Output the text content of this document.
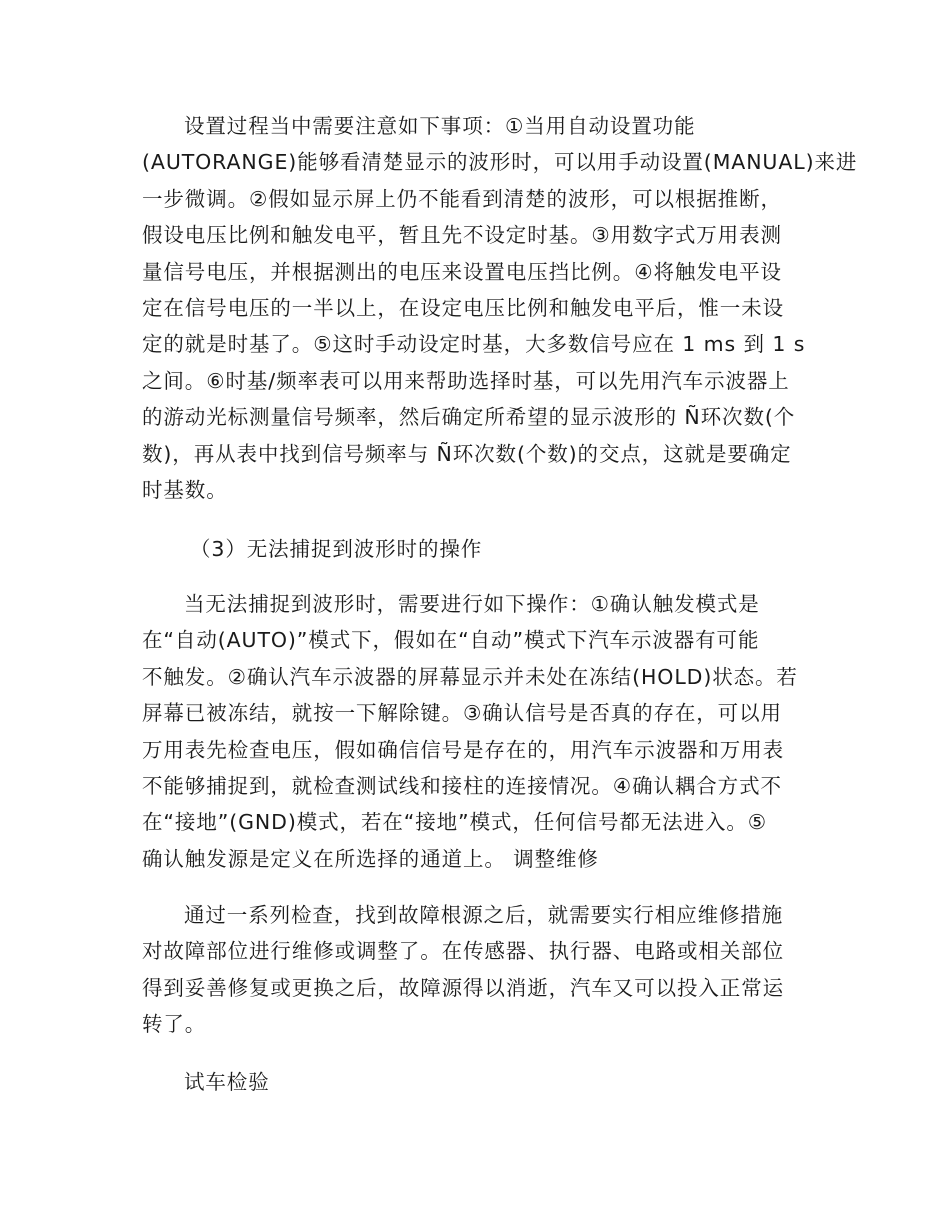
设置过程当中需要注意如下事项：①当用自动设置功能
(AUTORANGE)能够看清楚显示的波形时，可以用手动设置(MANUAL)来进
一步微调。②假如显示屏上仍不能看到清楚的波形，可以根据推断，
假设电压比例和触发电平，暂且先不设定时基。③用数字式万用表测
量信号电压，并根据测出的电压来设置电压挡比例。④将触发电平设
定在信号电压的一半以上，在设定电压比例和触发电平后，惟一未设
定的就是时基了。⑤这时手动设定时基，大多数信号应在 1 ms 到 1 s
之间。⑥时基/频率表可以用来帮助选择时基，可以先用汽车示波器上
的游动光标测量信号频率，然后确定所希望的显示波形的 Ñ环次数(个
数)，再从表中找到信号频率与 Ñ环次数(个数)的交点，这就是要确定
时基数。
（3）无法捕捉到波形时的操作
当无法捕捉到波形时，需要进行如下操作：①确认触发模式是
在“自动(AUTO)”模式下，假如在“自动”模式下汽车示波器有可能
不触发。②确认汽车示波器的屏幕显示并未处在冻结(HOLD)状态。若
屏幕已被冻结，就按一下解除键。③确认信号是否真的存在，可以用
万用表先检查电压，假如确信信号是存在的，用汽车示波器和万用表
不能够捕捉到，就检查测试线和接柱的连接情况。④确认耦合方式不
在“接地”(GND)模式，若在“接地”模式，任何信号都无法进入。⑤
确认触发源是定义在所选择的通道上。 调整维修
通过一系列检查，找到故障根源之后，就需要实行相应维修措施
对故障部位进行维修或调整了。在传感器、执行器、电路或相关部位
得到妥善修复或更换之后，故障源得以消逝，汽车又可以投入正常运
转了。
试车检验
